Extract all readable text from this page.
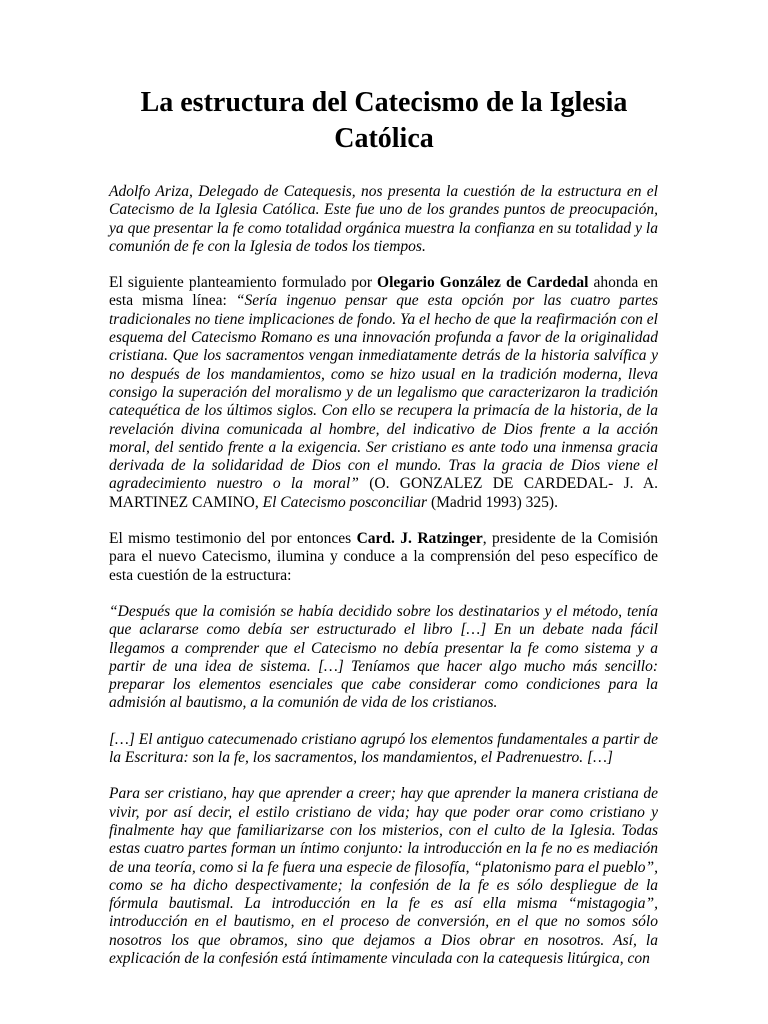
La estructura del Catecismo de la Iglesia Católica

Adolfo Ariza, Delegado de Catequesis, nos presenta la cuestión de la estructura en el Catecismo de la Iglesia Católica. Este fue uno de los grandes puntos de preocupación, ya que presentar la fe como totalidad orgánica muestra la confianza en su totalidad y la comunión de fe con la Iglesia de todos los tiempos.

El siguiente planteamiento formulado por Olegario González de Cardedal ahonda en esta misma línea: “Sería ingenuo pensar que esta opción por las cuatro partes tradicionales no tiene implicaciones de fondo. Ya el hecho de que la reafirmación con el esquema del Catecismo Romano es una innovación profunda a favor de la originalidad cristiana. Que los sacramentos vengan inmediatamente detrás de la historia salvífica y no después de los mandamientos, como se hizo usual en la tradición moderna, lleva consigo la superación del moralismo y de un legalismo que caracterizaron la tradición catequética de los últimos siglos. Con ello se recupera la primacía de la historia, de la revelación divina comunicada al hombre, del indicativo de Dios frente a la acción moral, del sentido frente a la exigencia. Ser cristiano es ante todo una inmensa gracia derivada de la solidaridad de Dios con el mundo. Tras la gracia de Dios viene el agradecimiento nuestro o la moral” (O. GONZALEZ DE CARDEDAL- J. A. MARTINEZ CAMINO, El Catecismo posconciliar (Madrid 1993) 325).

El mismo testimonio del por entonces Card. J. Ratzinger, presidente de la Comisión para el nuevo Catecismo, ilumina y conduce a la comprensión del peso específico de esta cuestión de la estructura:

“Después que la comisión se había decidido sobre los destinatarios y el método, tenía que aclararse como debía ser estructurado el libro […] En un debate nada fácil llegamos a comprender que el Catecismo no debía presentar la fe como sistema y a partir de una idea de sistema. […] Teníamos que hacer algo mucho más sencillo: preparar los elementos esenciales que cabe considerar como condiciones para la admisión al bautismo, a la comunión de vida de los cristianos.

[…] El antiguo catecumenado cristiano agrupó los elementos fundamentales a partir de la Escritura: son la fe, los sacramentos, los mandamientos, el Padrenuestro. […]

Para ser cristiano, hay que aprender a creer; hay que aprender la manera cristiana de vivir, por así decir, el estilo cristiano de vida; hay que poder orar como cristiano y finalmente hay que familiarizarse con los misterios, con el culto de la Iglesia. Todas estas cuatro partes forman un íntimo conjunto: la introducción en la fe no es mediación de una teoría, como si la fe fuera una especie de filosofía, “platonismo para el pueblo”, como se ha dicho despectivamente; la confesión de la fe es sólo despliegue de la fórmula bautismal. La introducción en la fe es así ella misma “mistagogia”, introducción en el bautismo, en el proceso de conversión, en el que no somos sólo nosotros los que obramos, sino que dejamos a Dios obrar en nosotros. Así, la explicación de la confesión está íntimamente vinculada con la catequesis litúrgica, con
